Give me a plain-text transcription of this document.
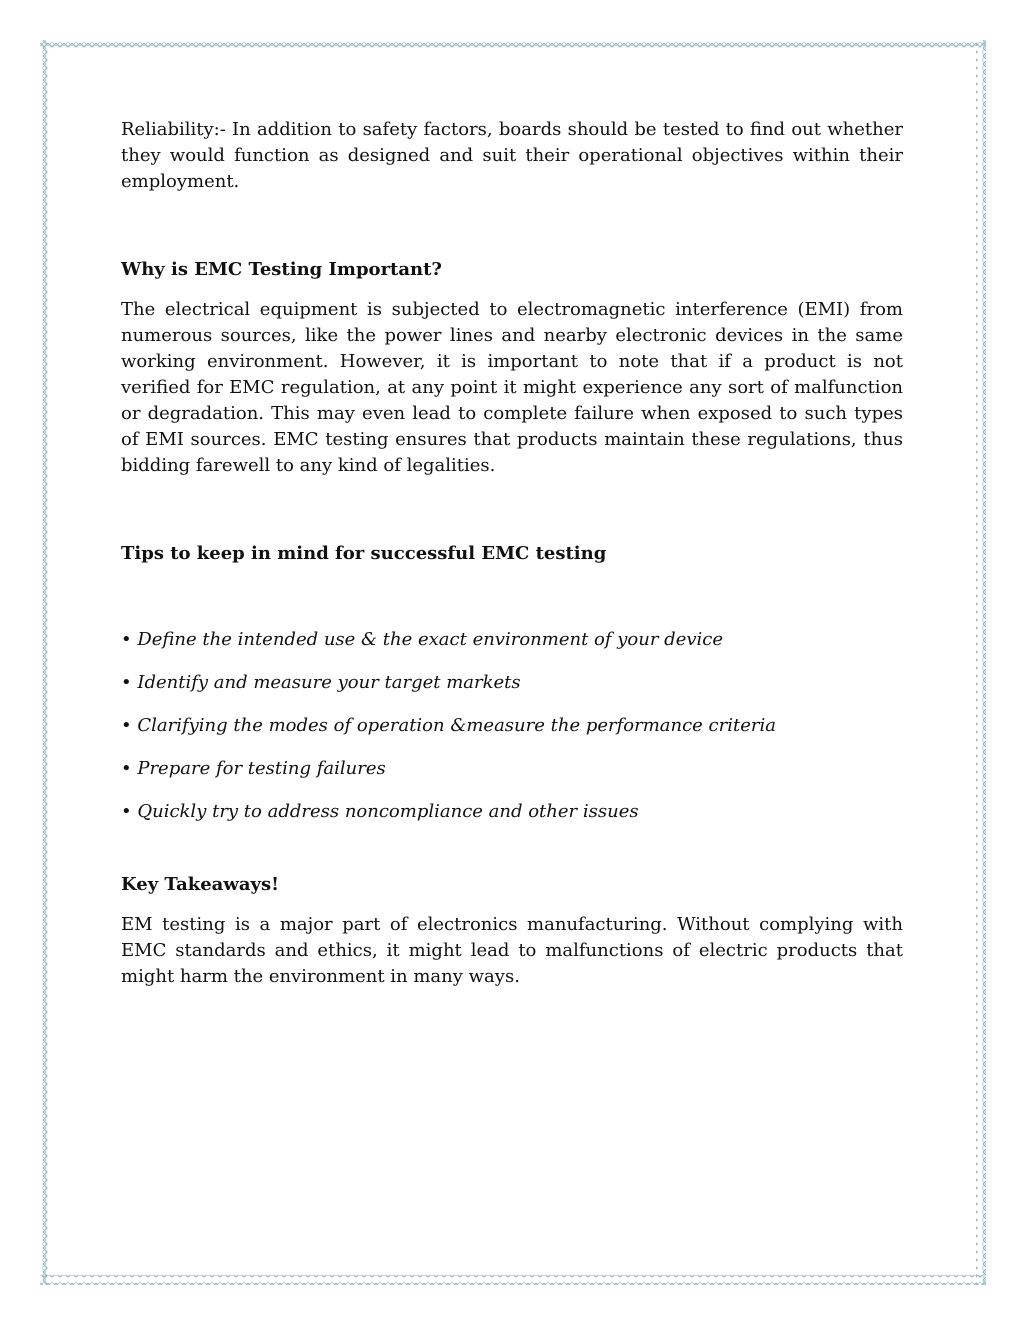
Reliability:- In addition to safety factors, boards should be tested to find out whether they would function as designed and suit their operational objectives within their employment.

Why is EMC Testing Important?

The electrical equipment is subjected to electromagnetic interference (EMI) from numerous sources, like the power lines and nearby electronic devices in the same working environment. However, it is important to note that if a product is not verified for EMC regulation, at any point it might experience any sort of malfunction or degradation. This may even lead to complete failure when exposed to such types of EMI sources. EMC testing ensures that products maintain these regulations, thus bidding farewell to any kind of legalities.

Tips to keep in mind for successful EMC testing
• Define the intended use & the exact environment of your device
• Identify and measure your target markets
• Clarifying the modes of operation &measure the performance criteria
• Prepare for testing failures
• Quickly try to address noncompliance and other issues
Key Takeaways!

EM testing is a major part of electronics manufacturing. Without complying with EMC standards and ethics, it might lead to malfunctions of electric products that might harm the environment in many ways.
